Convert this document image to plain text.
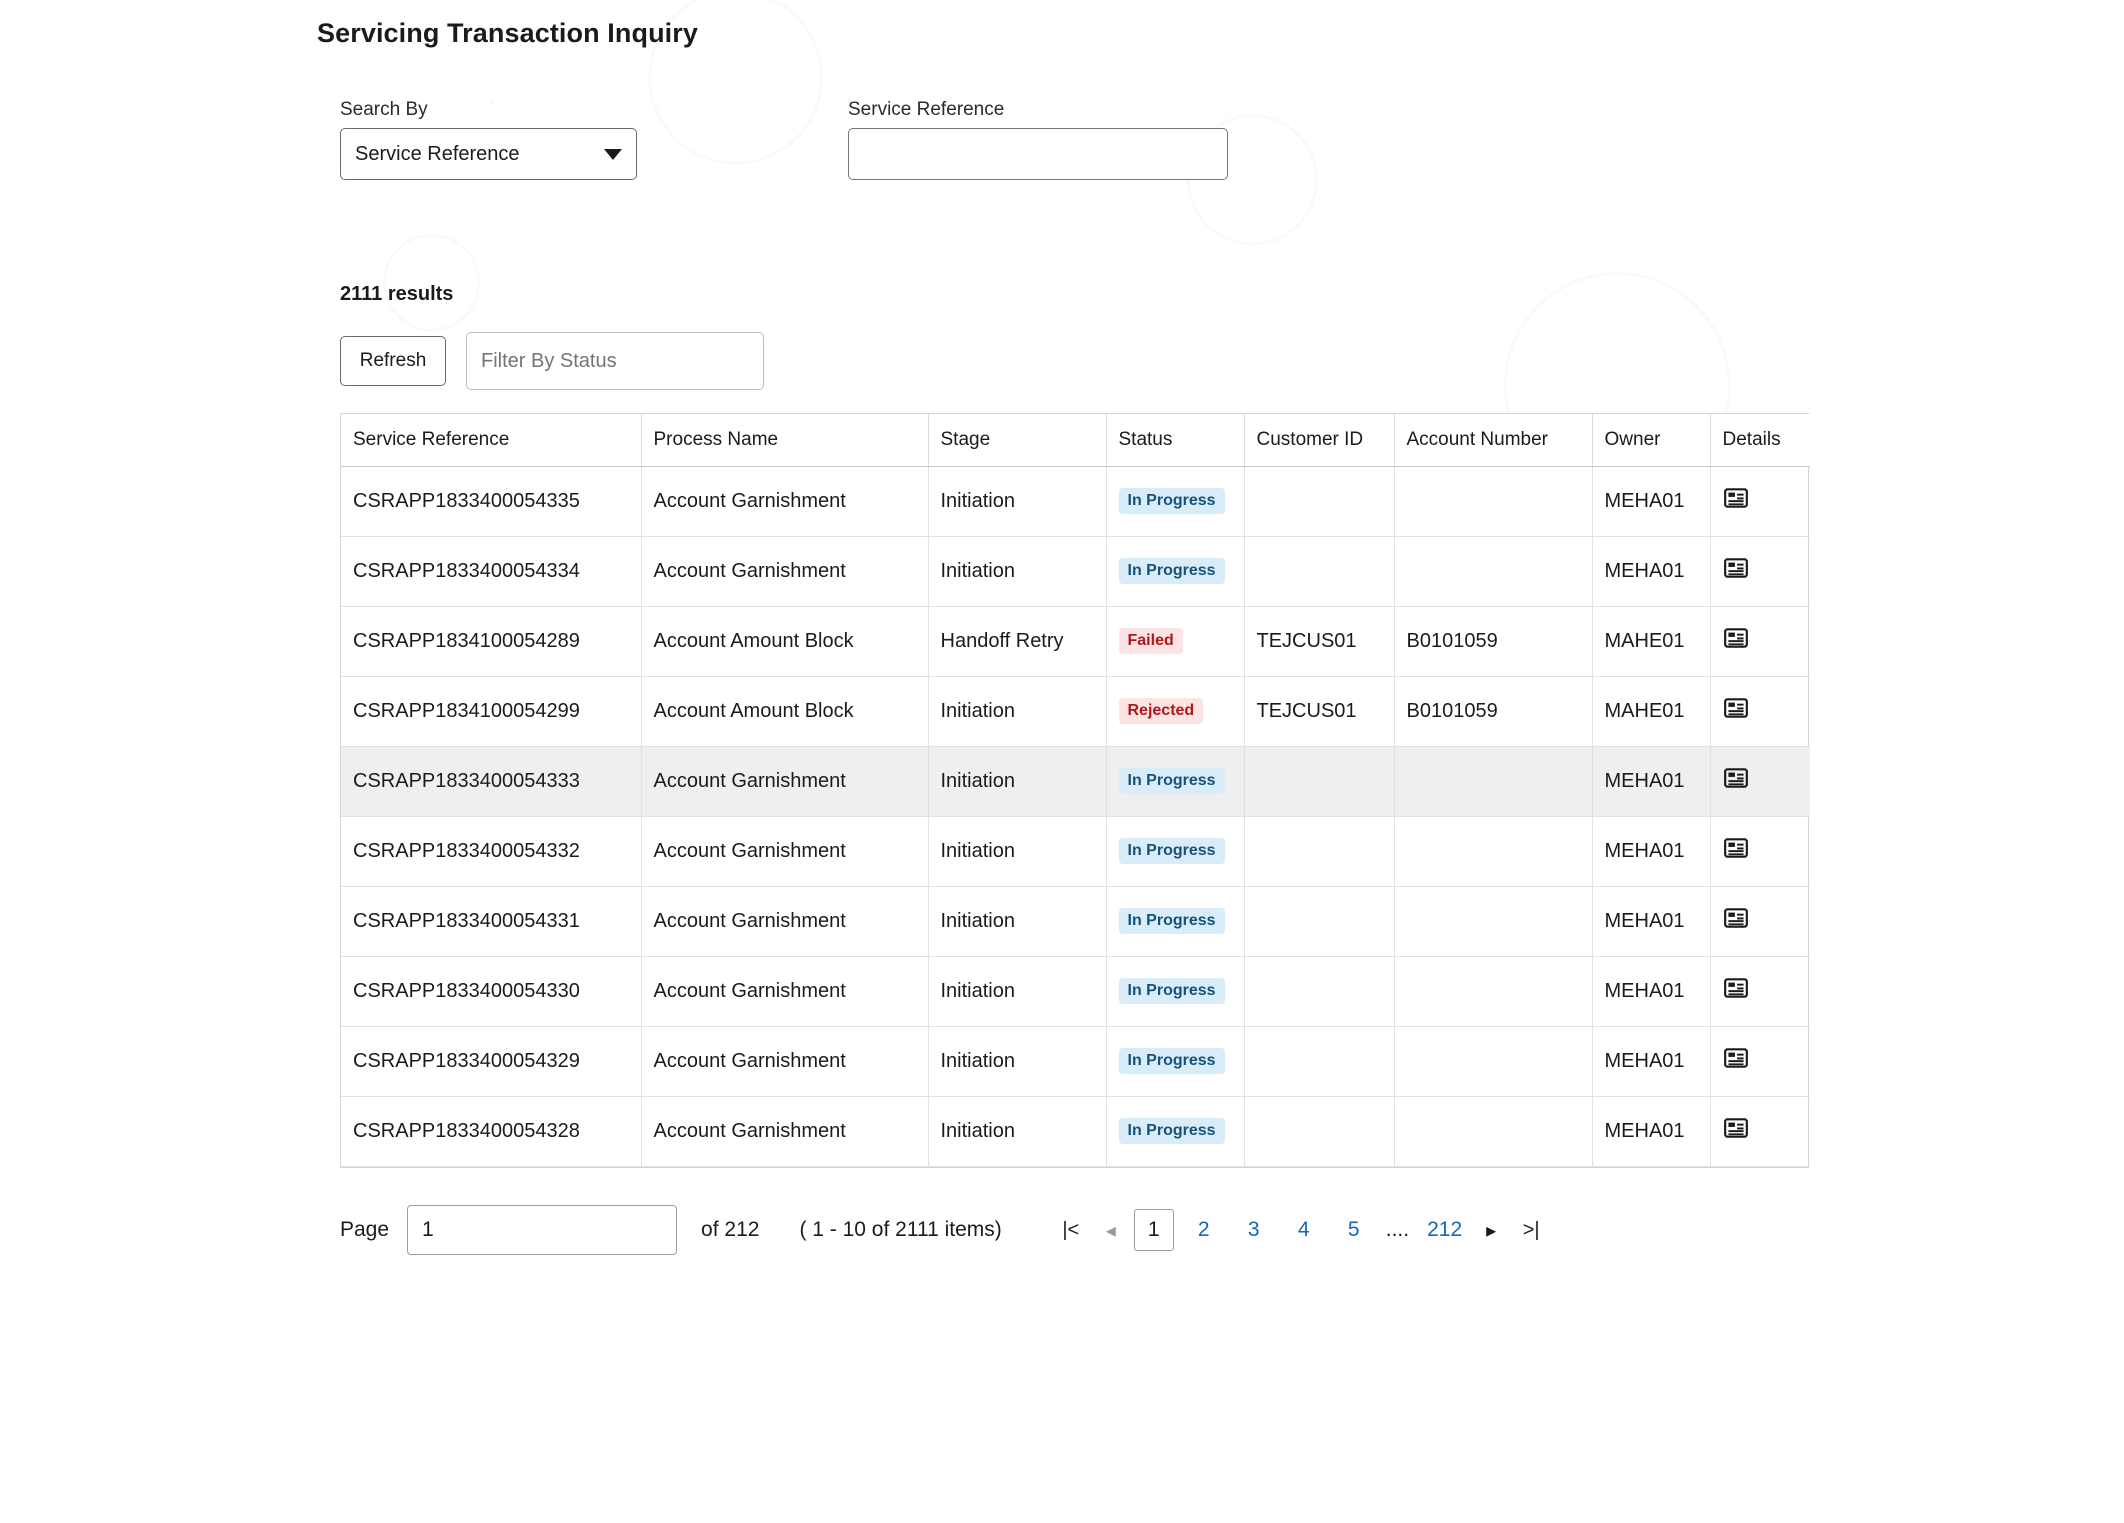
Servicing Transaction Inquiry
Search By
Service Reference
Service Reference
2111 results
Refresh
Filter By Status
Service Reference	Process Name	Stage	Status	Customer ID	Account Number	Owner	Details
CSRAPP1833400054335	Account Garnishment	Initiation	In Progress			MEHA01	
CSRAPP1833400054334	Account Garnishment	Initiation	In Progress			MEHA01	
CSRAPP1834100054289	Account Amount Block	Handoff Retry	Failed	TEJCUS01	B0101059	MAHE01	
CSRAPP1834100054299	Account Amount Block	Initiation	Rejected	TEJCUS01	B0101059	MAHE01	
CSRAPP1833400054333	Account Garnishment	Initiation	In Progress			MEHA01	
CSRAPP1833400054332	Account Garnishment	Initiation	In Progress			MEHA01	
CSRAPP1833400054331	Account Garnishment	Initiation	In Progress			MEHA01	
CSRAPP1833400054330	Account Garnishment	Initiation	In Progress			MEHA01	
CSRAPP1833400054329	Account Garnishment	Initiation	In Progress			MEHA01	
CSRAPP1833400054328	Account Garnishment	Initiation	In Progress			MEHA01	
Page
1	of 212 ( 1 - 10 of 2111 items)	|<	◂	1	2	3	4	5	.... 212	▸	>|
